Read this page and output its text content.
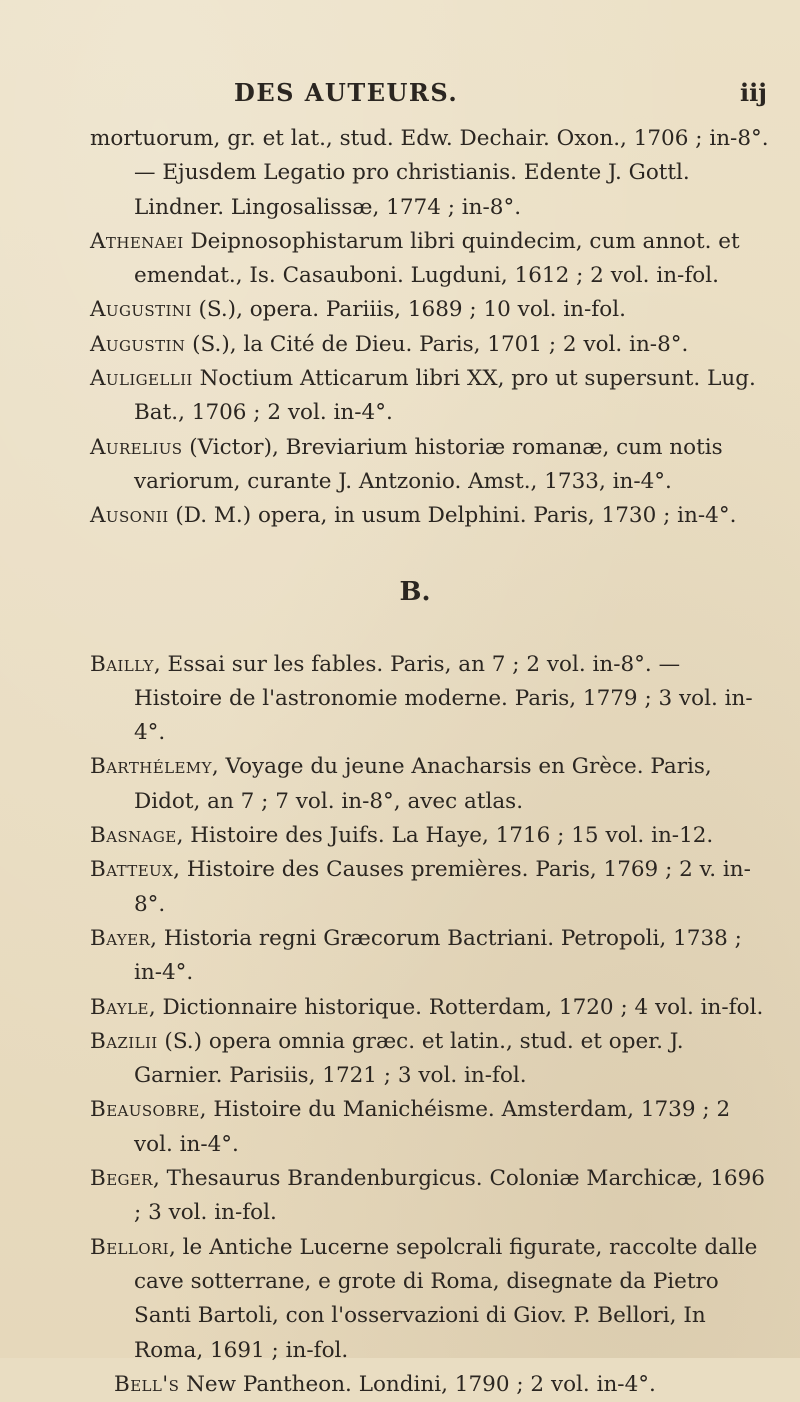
DES AUTEURS.	iij

mortuorum, gr. et lat., stud. Edw. Dechair. Oxon., 1706 ; in-8°. — Ejusdem Legatio pro christianis. Edente J. Gottl. Lindner. Lingosalissæ, 1774 ; in-8°.

Athenaei Deipnosophistarum libri quindecim, cum annot. et emendat., Is. Casauboni. Lugduni, 1612 ; 2 vol. in-fol.

Augustini (S.), opera. Pariiis, 1689 ; 10 vol. in-fol.

Augustin (S.), la Cité de Dieu. Paris, 1701 ; 2 vol. in-8°.

Auligellii Noctium Atticarum libri XX, pro ut supersunt. Lug. Bat., 1706 ; 2 vol. in-4°.

Aurelius (Victor), Breviarium historiæ romanæ, cum notis variorum, curante J. Antzonio. Amst., 1733, in-4°.

Ausonii (D. M.) opera, in usum Delphini. Paris, 1730 ; in-4°.

B.

Bailly, Essai sur les fables. Paris, an 7 ; 2 vol. in-8°. — Histoire de l'astronomie moderne. Paris, 1779 ; 3 vol. in-4°.

Barthélemy, Voyage du jeune Anacharsis en Grèce. Paris, Didot, an 7 ; 7 vol. in-8°, avec atlas.

Basnage, Histoire des Juifs. La Haye, 1716 ; 15 vol. in-12.

Batteux, Histoire des Causes premières. Paris, 1769 ; 2 v. in-8°.

Bayer, Historia regni Græcorum Bactriani. Petropoli, 1738 ; in-4°.

Bayle, Dictionnaire historique. Rotterdam, 1720 ; 4 vol. in-fol.

Bazilii (S.) opera omnia græc. et latin., stud. et oper. J. Garnier. Parisiis, 1721 ; 3 vol. in-fol.

Beausobre, Histoire du Manichéisme. Amsterdam, 1739 ; 2 vol. in-4°.

Beger, Thesaurus Brandenburgicus. Coloniæ Marchicæ, 1696 ; 3 vol. in-fol.

Bellori, le Antiche Lucerne sepolcrali figurate, raccolte dalle cave sotterrane, e grote di Roma, disegnate da Pietro Santi Bartoli, con l'osservazioni di Giov. P. Bellori, In Roma, 1691 ; in-fol.

Bell's New Pantheon. Londini, 1790 ; 2 vol. in-4°.
